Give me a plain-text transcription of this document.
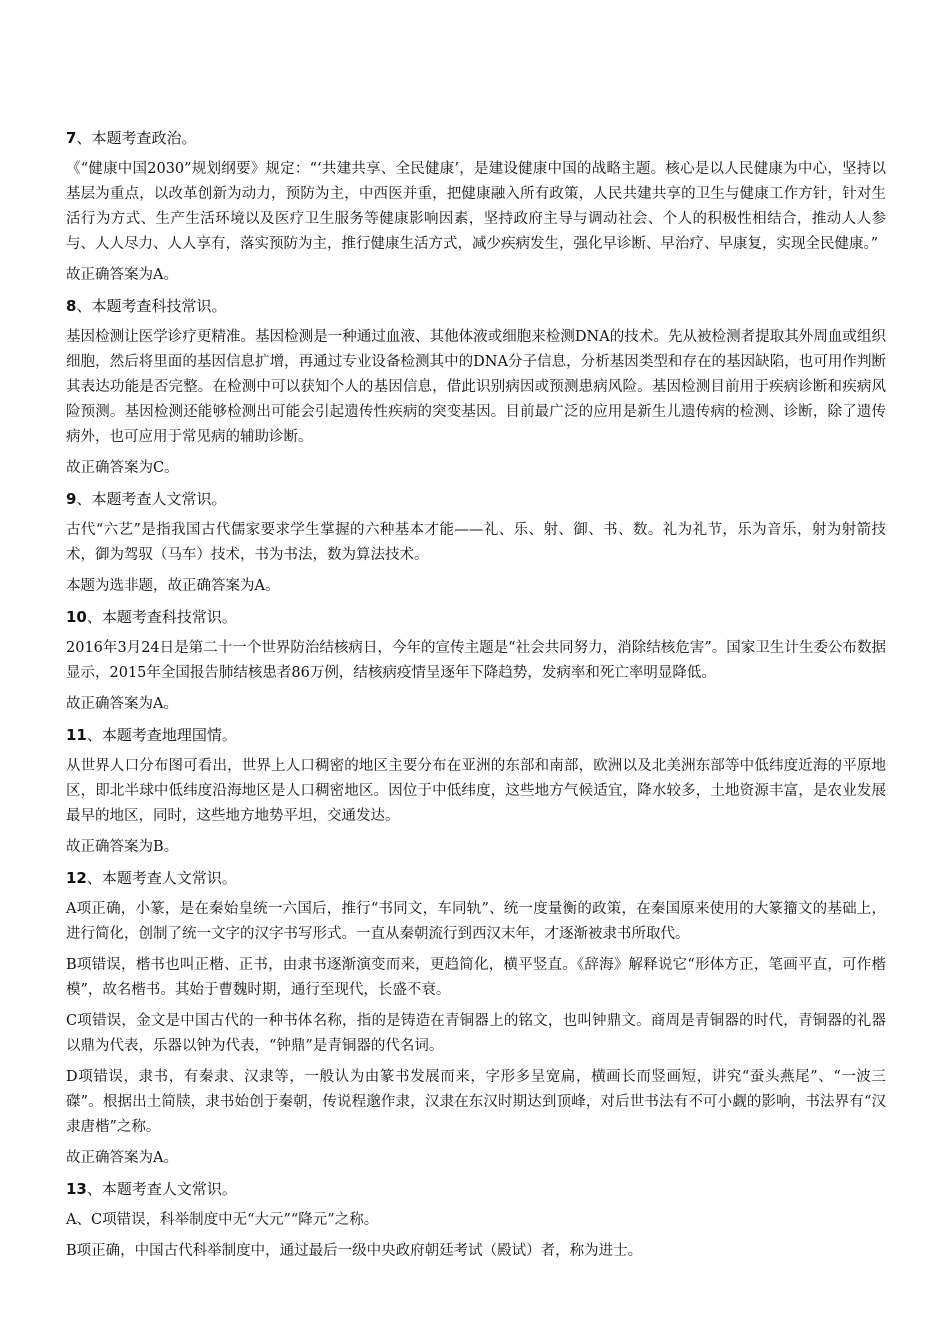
7、本题考查政治。
《“健康中国2030”规划纲要》规定：“‘共建共享、全民健康’，是建设健康中国的战略主题。核心是以人民健康为中心，坚持以基层为重点，以改革创新为动力，预防为主，中西医并重，把健康融入所有政策，人民共建共享的卫生与健康工作方针，针对生活行为方式、生产生活环境以及医疗卫生服务等健康影响因素，坚持政府主导与调动社会、个人的积极性相结合，推动人人参与、人人尽力、人人享有，落实预防为主，推行健康生活方式，减少疾病发生，强化早诊断、早治疗、早康复，实现全民健康。”
故正确答案为A。
8、本题考查科技常识。
基因检测让医学诊疗更精准。基因检测是一种通过血液、其他体液或细胞来检测DNA的技术。先从被检测者提取其外周血或组织细胞，然后将里面的基因信息扩增，再通过专业设备检测其中的DNA分子信息，分析基因类型和存在的基因缺陷，也可用作判断其表达功能是否完整。在检测中可以获知个人的基因信息，借此识别病因或预测患病风险。基因检测目前用于疾病诊断和疾病风险预测。基因检测还能够检测出可能会引起遗传性疾病的突变基因。目前最广泛的应用是新生儿遗传病的检测、诊断，除了遗传病外，也可应用于常见病的辅助诊断。
故正确答案为C。
9、本题考查人文常识。
古代“六艺”是指我国古代儒家要求学生掌握的六种基本才能——礼、乐、射、御、书、数。礼为礼节，乐为音乐，射为射箭技术，御为驾驭（马车）技术，书为书法，数为算法技术。
本题为选非题，故正确答案为A。
10、本题考查科技常识。
2016年3月24日是第二十一个世界防治结核病日，今年的宣传主题是“社会共同努力，消除结核危害”。国家卫生计生委公布数据显示，2015年全国报告肺结核患者86万例，结核病疫情呈逐年下降趋势，发病率和死亡率明显降低。
故正确答案为A。
11、本题考查地理国情。
从世界人口分布图可看出，世界上人口稠密的地区主要分布在亚洲的东部和南部，欧洲以及北美洲东部等中低纬度近海的平原地区，即北半球中低纬度沿海地区是人口稠密地区。因位于中低纬度，这些地方气候适宜，降水较多，土地资源丰富，是农业发展最早的地区，同时，这些地方地势平坦，交通发达。
故正确答案为B。
12、本题考查人文常识。
A项正确，小篆，是在秦始皇统一六国后，推行“书同文，车同轨”、统一度量衡的政策，在秦国原来使用的大篆籀文的基础上，进行简化，创制了统一文字的汉字书写形式。一直从秦朝流行到西汉末年，才逐渐被隶书所取代。
B项错误，楷书也叫正楷、正书，由隶书逐渐演变而来，更趋简化，横平竖直。《辞海》解释说它“形体方正，笔画平直，可作楷模”，故名楷书。其始于曹魏时期，通行至现代，长盛不衰。
C项错误，金文是中国古代的一种书体名称，指的是铸造在青铜器上的铭文，也叫钟鼎文。商周是青铜器的时代，青铜器的礼器以鼎为代表，乐器以钟为代表，“钟鼎”是青铜器的代名词。
D项错误，隶书，有秦隶、汉隶等，一般认为由篆书发展而来，字形多呈宽扁，横画长而竖画短，讲究“蚕头燕尾”、“一波三磔”。根据出土简牍，隶书始创于秦朝，传说程邈作隶，汉隶在东汉时期达到顶峰，对后世书法有不可小觑的影响，书法界有“汉隶唐楷”之称。
故正确答案为A。
13、本题考查人文常识。
A、C项错误，科举制度中无“大元”“降元”之称。
B项正确，中国古代科举制度中，通过最后一级中央政府朝廷考试（殿试）者，称为进士。
